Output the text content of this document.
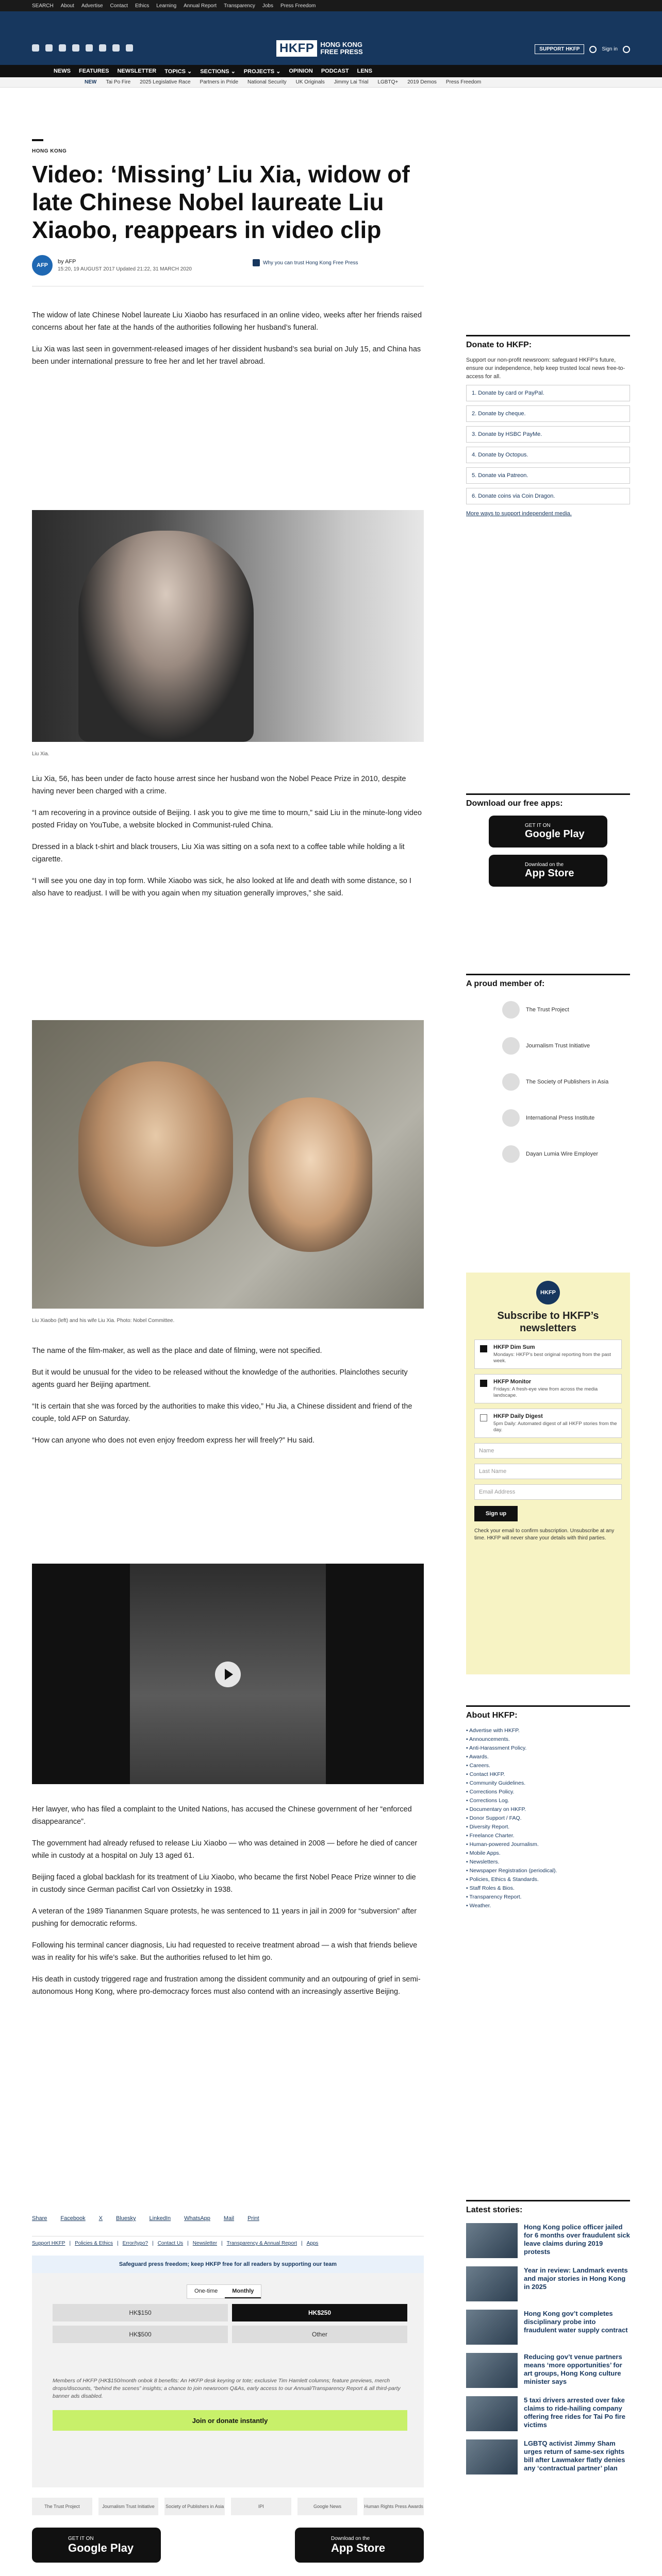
SEARCH About Advertise Contact Ethics Learning Annual Report Transparency Jobs Press Freedom
HKFP HONG KONG
FREE PRESS	SUPPORT HKFP	Sign in
NEWS FEATURES NEWSLETTER TOPICS ⌄ SECTIONS ⌄ PROJECTS ⌄ OPINION PODCAST LENS
NEW Tai Po Fire 2025 Legislative Race Partners in Pride National Security UK Originals Jimmy Lai Trial LGBTQ+ 2019 Demos Press Freedom
HONG KONG
Video: ‘Missing’ Liu Xia, widow of late Chinese Nobel laureate Liu Xiaobo, reappears in video clip
AFP
by AFP
15:20, 19 AUGUST 2017 Updated 21:22, 31 MARCH 2020
Why you can trust Hong Kong Free Press

The widow of late Chinese Nobel laureate Liu Xiaobo has resurfaced in an online video, weeks after her friends raised concerns about her fate at the hands of the authorities following her husband’s funeral.

Liu Xia was last seen in government-released images of her dissident husband’s sea burial on July 15, and China has been under international pressure to free her and let her travel abroad.

Liu Xia.

Liu Xia, 56, has been under de facto house arrest since her husband won the Nobel Peace Prize in 2010, despite having never been charged with a crime.

“I am recovering in a province outside of Beijing. I ask you to give me time to mourn,” said Liu in the minute-long video posted Friday on YouTube, a website blocked in Communist-ruled China.

Dressed in a black t-shirt and black trousers, Liu Xia was sitting on a sofa next to a coffee table while holding a lit cigarette.

“I will see you one day in top form. While Xiaobo was sick, he also looked at life and death with some distance, so I also have to readjust. I will be with you again when my situation generally improves,” she said.

Liu Xiaobo (left) and his wife Liu Xia. Photo: Nobel Committee.

The name of the film-maker, as well as the place and date of filming, were not specified.

But it would be unusual for the video to be released without the knowledge of the authorities. Plainclothes security agents guard her Beijing apartment.

“It is certain that she was forced by the authorities to make this video,” Hu Jia, a Chinese dissident and friend of the couple, told AFP on Saturday.

“How can anyone who does not even enjoy freedom express her will freely?” Hu said.

Her lawyer, who has filed a complaint to the United Nations, has accused the Chinese government of her “enforced disappearance”.

The government had already refused to release Liu Xiaobo — who was detained in 2008 — before he died of cancer while in custody at a hospital on July 13 aged 61.

Beijing faced a global backlash for its treatment of Liu Xiaobo, who became the first Nobel Peace Prize winner to die in custody since German pacifist Carl von Ossietzky in 1938.

A veteran of the 1989 Tiananmen Square protests, he was sentenced to 11 years in jail in 2009 for “subversion” after pushing for democratic reforms.

Following his terminal cancer diagnosis, Liu had requested to receive treatment abroad — a wish that friends believe was in reality for his wife’s sake. But the authorities refused to let him go.

His death in custody triggered rage and frustration among the dissident community and an outpouring of grief in semi-autonomous Hong Kong, where pro-democracy forces must also contend with an increasingly assertive Beijing.

Share Facebook X Bluesky LinkedIn WhatsApp Mail Print
Support HKFP | Policies & Ethics | Error/typo? | Contact Us | Newsletter | Transparency & Annual Report | Apps
Safeguard press freedom; keep HKFP free for all readers by supporting our team
One-time	Monthly
HK$150	HK$250
HK$500	Other
Members of HKFP (HK$150/month onbok 8 benefits: An HKFP desk keyring or tote; exclusive Tim Hamlett columns; feature previews, merch drops/discounts, “behind the scenes” insights; a chance to join newsroom Q&As, early access to our Annual/Transparency Report & all third-party banner ads disabled.
Join or donate instantly
The Trust Project	Journalism Trust Initiative	Society of Publishers in Asia	IPI	Google News	Human Rights Press Awards
GET IT ON
Google Play
Download on the
App Store
Donate to HKFP:
Support our non-profit newsroom: safeguard HKFP’s future, ensure our independence, help keep trusted local news free-to-access for all.
1. Donate by card or PayPal.
2. Donate by cheque.
3. Donate by HSBC PayMe.
4. Donate by Octopus.
5. Donate via Patreon.
6. Donate coins via Coin Dragon.
More ways to support independent media.
Download our free apps:
GET IT ON
Google Play
Download on the
App Store
A proud member of:
The Trust Project
Journalism Trust Initiative
The Society of Publishers in Asia
International Press Institute
Dayan Lumia Wire Employer
HKFP
Subscribe to HKFP’s newsletters
HKFP Dim Sum
Mondays: HKFP’s best original reporting from the past week.
HKFP Monitor
Fridays: A fresh-eye view from across the media landscape.
HKFP Daily Digest
5pm Daily: Automated digest of all HKFP stories from the day.
Name
Last Name
Email Address
Sign up
Check your email to confirm subscription. Unsubscribe at any time. HKFP will never share your details with third parties.
About HKFP:
• Advertise with HKFP.
• Announcements.
• Anti-Harassment Policy.
• Awards.
• Careers.
• Contact HKFP.
• Community Guidelines.
• Corrections Policy.
• Corrections Log.
• Documentary on HKFP.
• Donor Support / FAQ.
• Diversity Report.
• Freelance Charter.
• Human-powered Journalism.
• Mobile Apps.
• Newsletters.
• Newspaper Registration (periodical).
• Policies, Ethics & Standards.
• Staff Roles & Bios.
• Transparency Report.
• Weather.
Latest stories:
Hong Kong police officer jailed for 6 months over fraudulent sick leave claims during 2019 protests
Year in review: Landmark events and major stories in Hong Kong in 2025
Hong Kong gov’t completes disciplinary probe into fraudulent water supply contract
Reducing gov’t venue partners means ‘more opportunities’ for art groups, Hong Kong culture minister says
5 taxi drivers arrested over fake claims to ride-hailing company offering free rides for Tai Po fire victims
LGBTQ activist Jimmy Sham urges return of same-sex rights bill after Lawmaker flatly denies any ‘contractual partner’ plan
